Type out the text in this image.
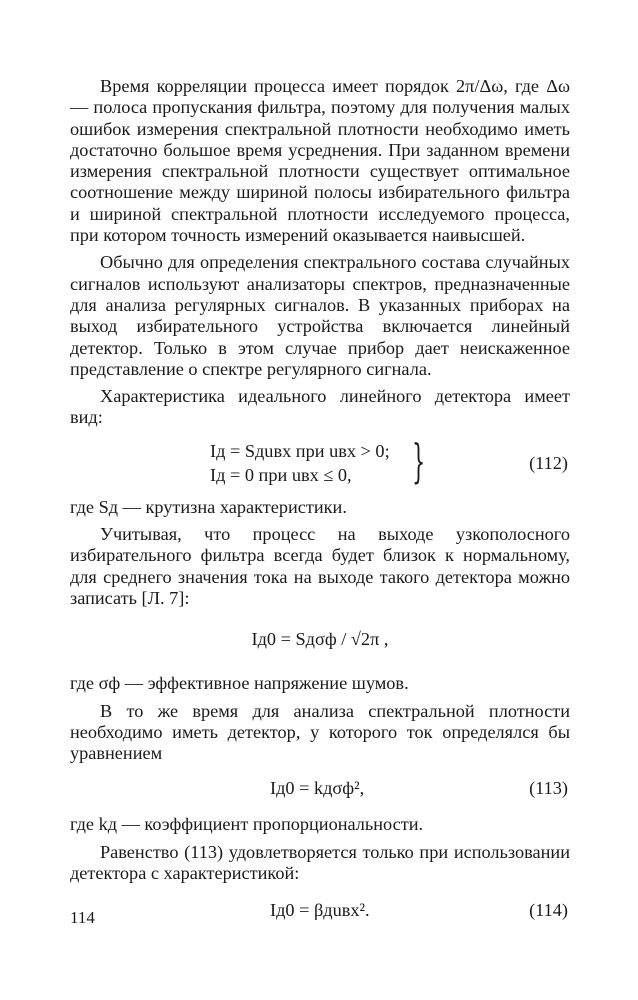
Время корреляции процесса имеет порядок 2π/Δω, где Δω — полоса пропускания фильтра, поэтому для получения малых ошибок измерения спектральной плотности необходимо иметь достаточно большое время усреднения. При заданном времени измерения спектральной плотности существует оптимальное соотношение между шириной полосы избирательного фильтра и шириной спектральной плотности исследуемого процесса, при котором точность измерений оказывается наивысшей.

Обычно для определения спектрального состава случайных сигналов используют анализаторы спектров, предназначенные для анализа регулярных сигналов. В указанных приборах на выход избирательного устройства включается линейный детектор. Только в этом случае прибор дает неискаженное представление о спектре регулярного сигнала.

Характеристика идеального линейного детектора имеет вид:

Iд = Sдuвх при uвх > 0;
Iд = 0 при uвх ≤ 0,	}	(112)

где Sд — крутизна характеристики.

Учитывая, что процесс на выходе узкополосного избирательного фильтра всегда будет близок к нормальному, для среднего значения тока на выходе такого детектора можно записать [Л. 7]:

Iд0 = Sдσф / √2π ,

где σф — эффективное напряжение шумов.

В то же время для анализа спектральной плотности необходимо иметь детектор, у которого ток определялся бы уравнением

Iд0 = kдσф²,	(113)

где kд — коэффициент пропорциональности.

Равенство (113) удовлетворяется только при использовании детектора с характеристикой:

Iд0 = βдuвх².	(114)
114
